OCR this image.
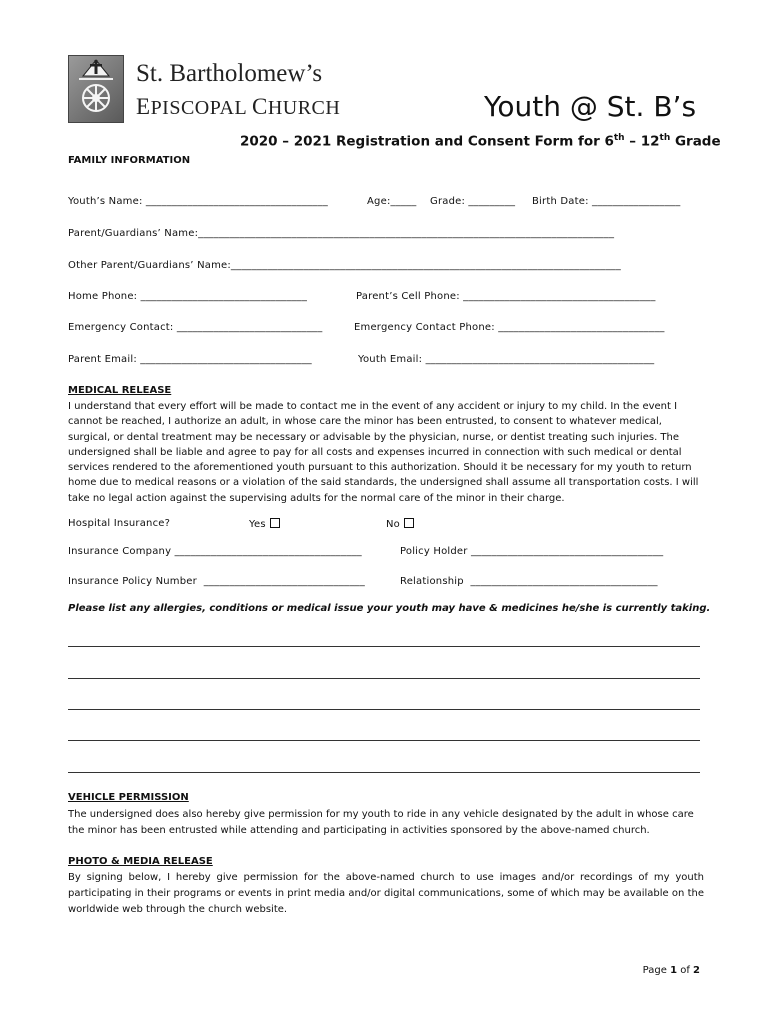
St. Bartholomew’s
EPISCOPAL CHURCH	Youth @ St. B’s
2020 – 2021 Registration and Consent Form for 6th – 12th Grade
FAMILY INFORMATION
Youth’s Name: ___________________________________	Age:_____ Grade: _________ Birth Date: _________________
Parent/Guardians’ Name:________________________________________________________________________________
Other Parent/Guardians’ Name:___________________________________________________________________________
Home Phone: ________________________________	Parent’s Cell Phone: _____________________________________
Emergency Contact: ____________________________	Emergency Contact Phone: ________________________________
Parent Email: _________________________________	Youth Email: ____________________________________________
MEDICAL RELEASE
I understand that every effort will be made to contact me in the event of any accident or injury to my child. In the event I cannot be reached, I authorize an adult, in whose care the minor has been entrusted, to consent to whatever medical, surgical, or dental treatment may be necessary or advisable by the physician, nurse, or dentist treating such injuries. The undersigned shall be liable and agree to pay for all costs and expenses incurred in connection with such medical or dental services rendered to the aforementioned youth pursuant to this authorization. Should it be necessary for my youth to return home due to medical reasons or a violation of the said standards, the undersigned shall assume all transportation costs. I will take no legal action against the supervising adults for the normal care of the minor in their charge.
Hospital Insurance?	Yes	No
Insurance Company ____________________________________	Policy Holder _____________________________________
Insurance Policy Number  _______________________________	Relationship  ____________________________________
Please list any allergies, conditions or medical issue your youth may have & medicines he/she is currently taking.
VEHICLE PERMISSION
The undersigned does also hereby give permission for my youth to ride in any vehicle designated by the adult in whose care the minor has been entrusted while attending and participating in activities sponsored by the above-named church.
PHOTO & MEDIA RELEASE
By signing below, I hereby give permission for the above-named church to use images and/or recordings of my youth participating in their programs or events in print media and/or digital communications, some of which may be available on the worldwide web through the church website.
Page 1 of 2
